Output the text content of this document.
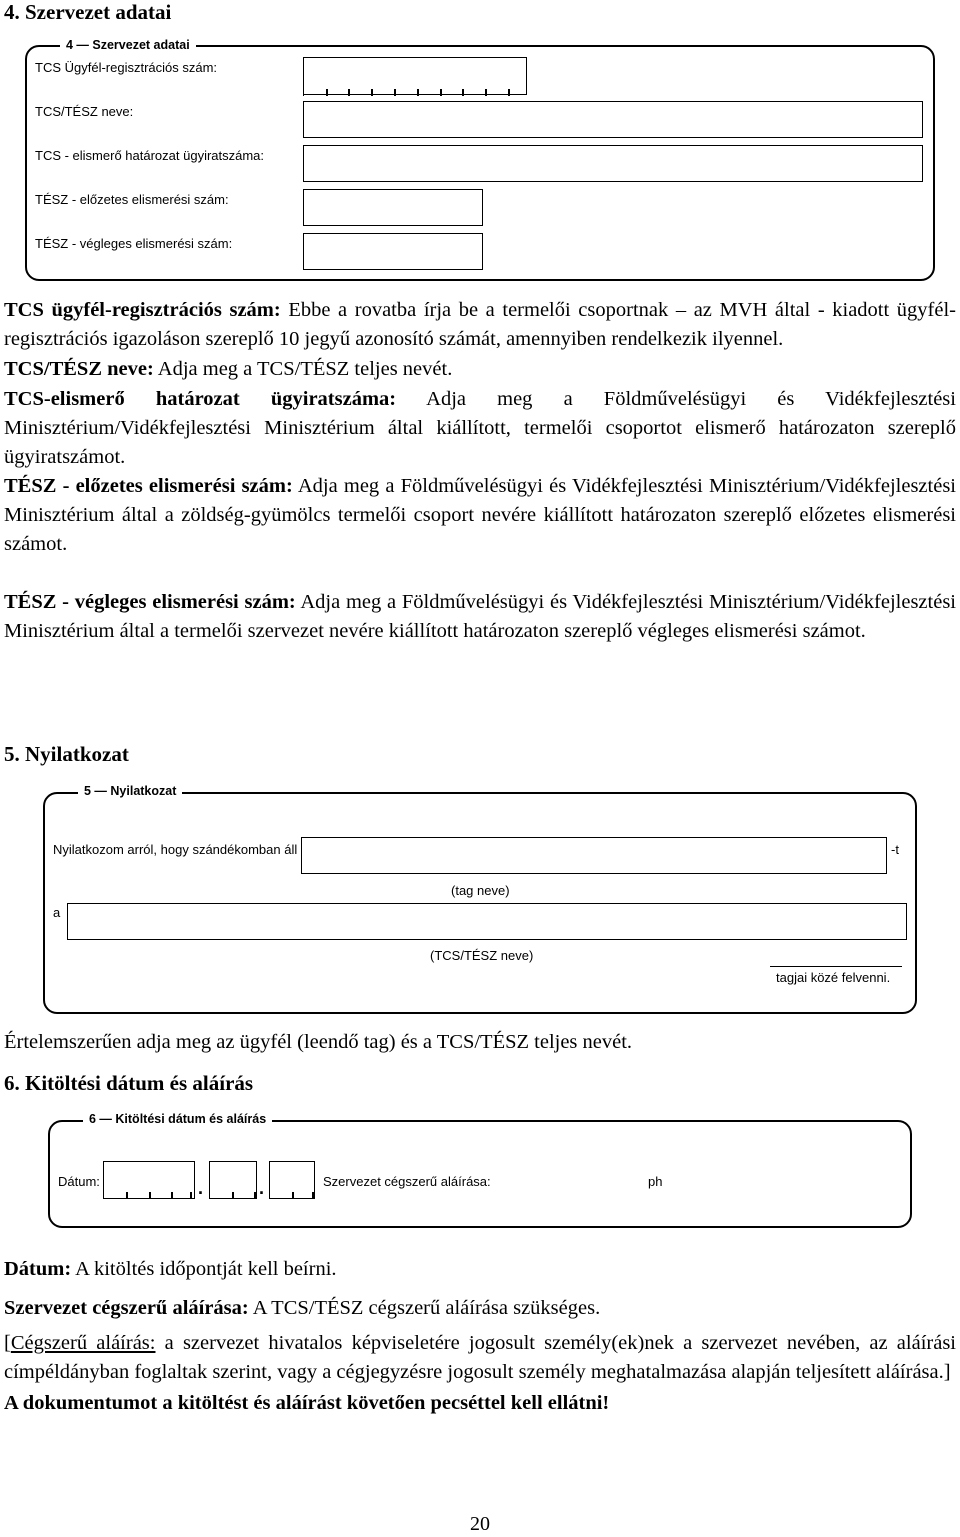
4. Szervezet adatai
4 — Szervezet adatai
TCS Ügyfél-regisztrációs szám:
TCS/TÉSZ neve:
TCS - elismerő határozat ügyiratszáma:
TÉSZ - előzetes elismerési szám:
TÉSZ - végleges elismerési szám:

TCS ügyfél-regisztrációs szám: Ebbe a rovatba írja be a termelői csoportnak – az MVH által - kiadott ügyfél-regisztrációs igazoláson szereplő 10 jegyű azonosító számát, amennyiben rendelkezik ilyennel.

TCS/TÉSZ neve: Adja meg a TCS/TÉSZ teljes nevét.

TCS-elismerő határozat ügyiratszáma: Adja meg a Földművelésügyi és Vidékfejlesztési Minisztérium/Vidékfejlesztési Minisztérium által kiállított, termelői csoportot elismerő határozaton szereplő ügyiratszámot.

TÉSZ - előzetes elismerési szám: Adja meg a Földművelésügyi és Vidékfejlesztési Minisztérium/Vidékfejlesztési Minisztérium által a zöldség-gyümölcs termelői csoport nevére kiállított határozaton szereplő előzetes elismerési számot.

TÉSZ - végleges elismerési szám: Adja meg a Földművelésügyi és Vidékfejlesztési Minisztérium/Vidékfejlesztési Minisztérium által a termelői szervezet nevére kiállított határozaton szereplő végleges elismerési számot.

5. Nyilatkozat
5 — Nyilatkozat
Nyilatkozom arról, hogy szándékomban áll	-t
(tag neve)
a
(TCS/TÉSZ neve)
tagjai közé felvenni.

Értelemszerűen adja meg az ügyfél (leendő tag) és a TCS/TÉSZ teljes nevét.

6. Kitöltési dátum és aláírás
6 — Kitöltési dátum és aláírás
Dátum:	.	.	Szervezet cégszerű aláírása:	ph

Dátum: A kitöltés időpontját kell beírni.

Szervezet cégszerű aláírása: A TCS/TÉSZ cégszerű aláírása szükséges.

[Cégszerű aláírás: a szervezet hivatalos képviseletére jogosult személy(ek)nek a szervezet nevében, az aláírási címpéldányban foglaltak szerint, vagy a cégjegyzésre jogosult személy meghatalmazása alapján teljesített aláírása.]

A dokumentumot a kitöltést és aláírást követően pecséttel kell ellátni!

20
